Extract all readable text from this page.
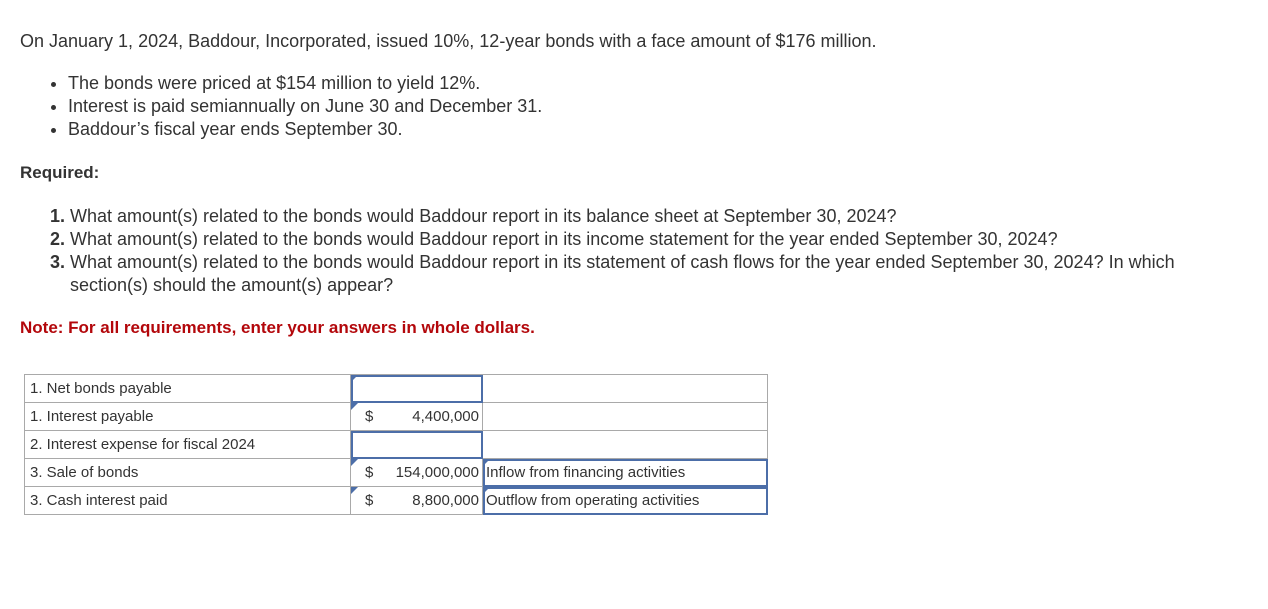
On January 1, 2024, Baddour, Incorporated, issued 10%, 12-year bonds with a face amount of $176 million.
• The bonds were priced at $154 million to yield 12%.
• Interest is paid semiannually on June 30 and December 31.
• Baddour’s fiscal year ends September 30.
Required:
1. What amount(s) related to the bonds would Baddour report in its balance sheet at September 30, 2024?
2. What amount(s) related to the bonds would Baddour report in its income statement for the year ended September 30, 2024?
3. What amount(s) related to the bonds would Baddour report in its statement of cash flows for the year ended September 30, 2024? In which section(s) should the amount(s) appear?
Note: For all requirements, enter your answers in whole dollars.
1. Net bonds payable	

1. Interest payable	$ 4,400,000	

2. Interest expense for fiscal 2024	

3. Sale of bonds	$ 154,000,000	Inflow from financing activities
3. Cash interest paid	$ 8,800,000	Outflow from operating activities
